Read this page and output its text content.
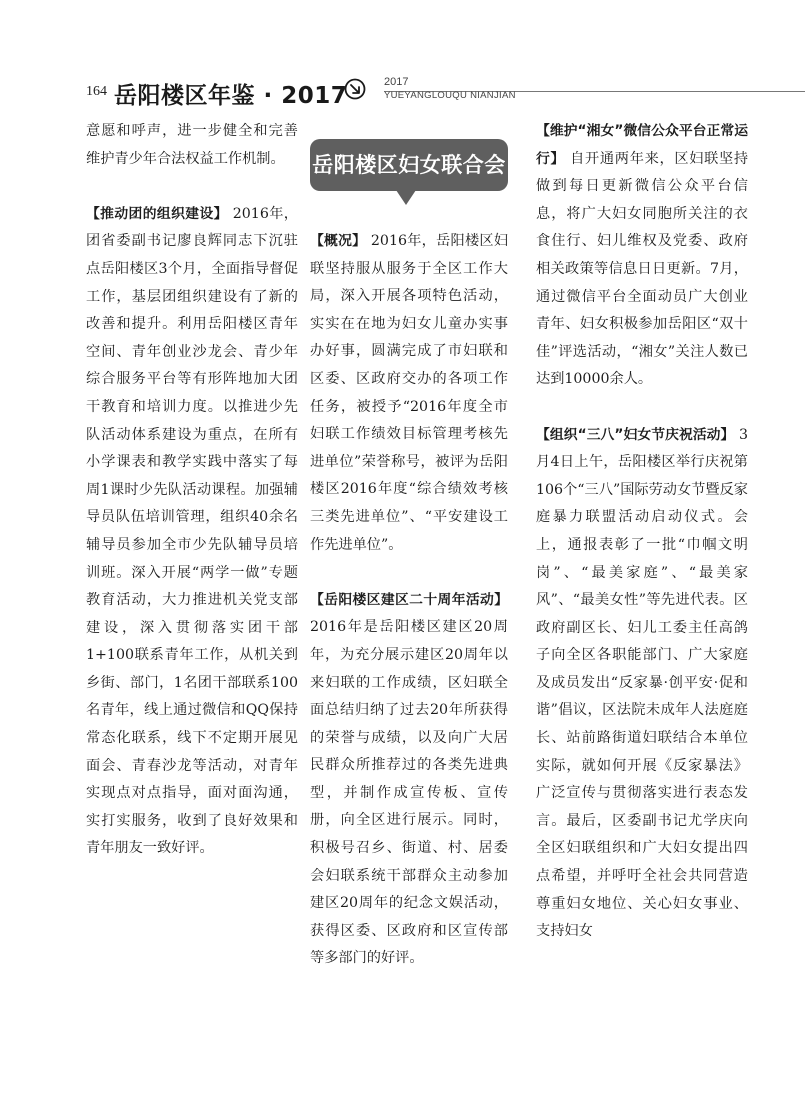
164 岳阳楼区年鉴 · 2017
2017
YUEYANGLOUQU NIANJIAN

意愿和呼声，进一步健全和完善维护青少年合法权益工作机制。

【推动团的组织建设】 2016年，团省委副书记廖良辉同志下沉驻点岳阳楼区3个月，全面指导督促工作，基层团组织建设有了新的改善和提升。利用岳阳楼区青年空间、青年创业沙龙会、青少年综合服务平台等有形阵地加大团干教育和培训力度。以推进少先队活动体系建设为重点，在所有小学课表和教学实践中落实了每周1课时少先队活动课程。加强辅导员队伍培训管理，组织40余名辅导员参加全市少先队辅导员培训班。深入开展“两学一做”专题教育活动，大力推进机关党支部建设，深入贯彻落实团干部1+100联系青年工作，从机关到乡街、部门，1名团干部联系100名青年，线上通过微信和QQ保持常态化联系，线下不定期开展见面会、青春沙龙等活动，对青年实现点对点指导，面对面沟通，实打实服务，收到了良好效果和青年朋友一致好评。

岳阳楼区妇女联合会

【概况】 2016年，岳阳楼区妇联坚持服从服务于全区工作大局，深入开展各项特色活动，实实在在地为妇女儿童办实事办好事，圆满完成了市妇联和区委、区政府交办的各项工作任务，被授予“2016年度全市妇联工作绩效目标管理考核先进单位”荣誉称号，被评为岳阳楼区2016年度“综合绩效考核三类先进单位”、“平安建设工作先进单位”。

【岳阳楼区建区二十周年活动】 2016年是岳阳楼区建区20周年，为充分展示建区20周年以来妇联的工作成绩，区妇联全面总结归纳了过去20年所获得的荣誉与成绩，以及向广大居民群众所推荐过的各类先进典型，并制作成宣传板、宣传册，向全区进行展示。同时，积极号召乡、街道、村、居委会妇联系统干部群众主动参加建区20周年的纪念文娱活动，获得区委、区政府和区宣传部等多部门的好评。

【维护“湘女”微信公众平台正常运行】 自开通两年来，区妇联坚持做到每日更新微信公众平台信息，将广大妇女同胞所关注的衣食住行、妇儿维权及党委、政府相关政策等信息日日更新。7月，通过微信平台全面动员广大创业青年、妇女积极参加岳阳区“双十佳”评选活动，“湘女”关注人数已达到10000余人。

【组织“三八”妇女节庆祝活动】 3月4日上午，岳阳楼区举行庆祝第106个“三八”国际劳动女节暨反家庭暴力联盟活动启动仪式。会上，通报表彰了一批“巾帼文明岗”、“最美家庭”、“最美家风”、“最美女性”等先进代表。区政府副区长、妇儿工委主任高鸽子向全区各职能部门、广大家庭及成员发出“反家暴·创平安·促和谐”倡议，区法院未成年人法庭庭长、站前路街道妇联结合本单位实际，就如何开展《反家暴法》广泛宣传与贯彻落实进行表态发言。最后，区委副书记尤学庆向全区妇联组织和广大妇女提出四点希望，并呼吁全社会共同营造尊重妇女地位、关心妇女事业、支持妇女
